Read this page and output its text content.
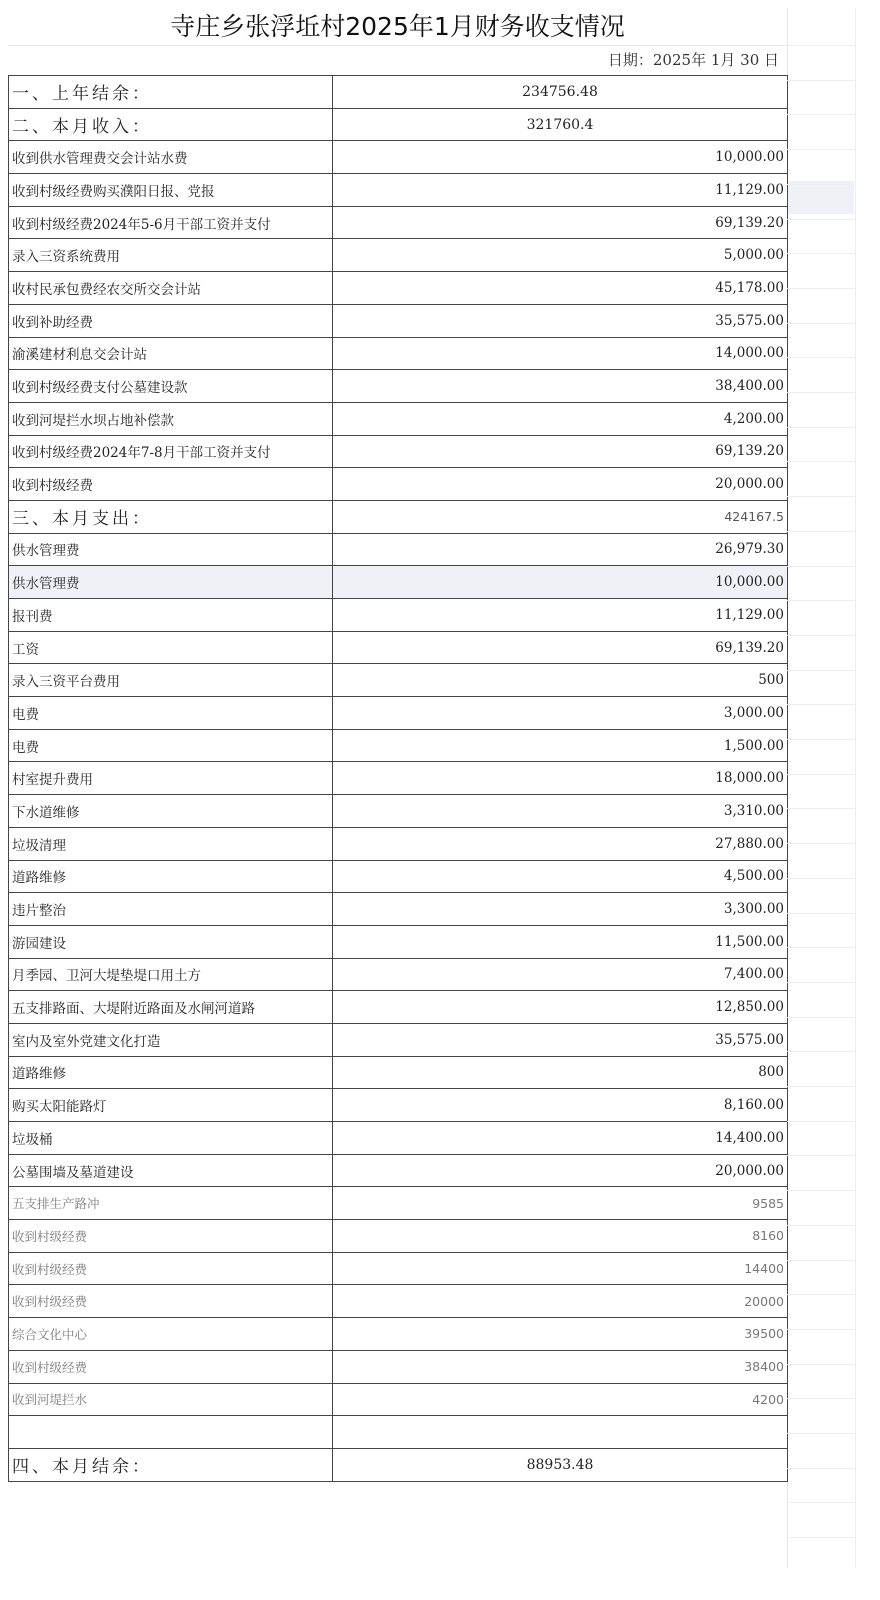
寺庄乡张浮坵村2025年1月财务收支情况
日期：2025年 1月 30 日
一、上年结余：	234756.48
二、本月收入：	321760.4
收到供水管理费交会计站水费	10,000.00
收到村级经费购买濮阳日报、党报	11,129.00
收到村级经费2024年5-6月干部工资并支付	69,139.20
录入三资系统费用	5,000.00
收村民承包费经农交所交会计站	45,178.00
收到补助经费	35,575.00
渝溪建材利息交会计站	14,000.00
收到村级经费支付公墓建设款	38,400.00
收到河堤拦水坝占地补偿款	4,200.00
收到村级经费2024年7-8月干部工资并支付	69,139.20
收到村级经费	20,000.00
三、本月支出：	424167.5
供水管理费	26,979.30
供水管理费	10,000.00
报刊费	11,129.00
工资	69,139.20
录入三资平台费用	500
电费	3,000.00
电费	1,500.00
村室提升费用	18,000.00
下水道维修	3,310.00
垃圾清理	27,880.00
道路维修	4,500.00
违片整治	3,300.00
游园建设	11,500.00
月季园、卫河大堤垫堤口用土方	7,400.00
五支排路面、大堤附近路面及水闸河道路	12,850.00
室内及室外党建文化打造	35,575.00
道路维修	800
购买太阳能路灯	8,160.00
垃圾桶	14,400.00
公墓围墙及墓道建设	20,000.00
五支排生产路冲	9585
收到村级经费	8160
收到村级经费	14400
收到村级经费	20000
综合文化中心	39500
收到村级经费	38400
收到河堤拦水	4200

四、本月结余：	88953.48
